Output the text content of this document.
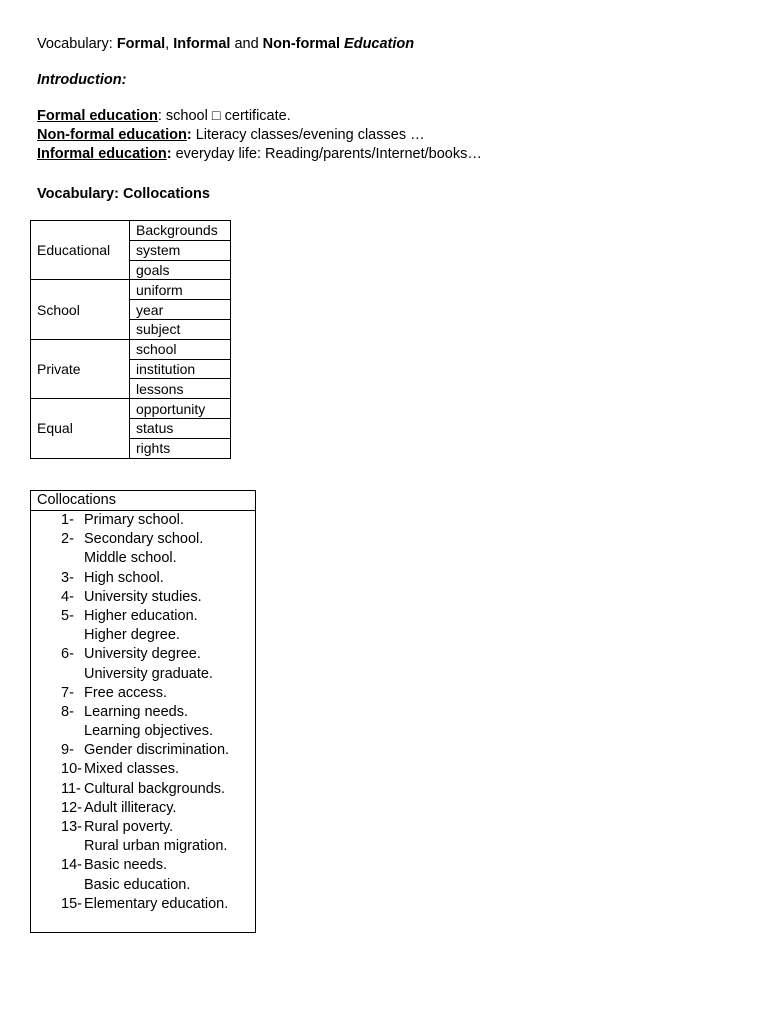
Vocabulary: Formal, Informal and Non-formal Education
Introduction:
Formal education: school □ certificate.
Non-formal education: Literacy classes/evening classes …
Informal education: everyday life: Reading/parents/Internet/books…
Vocabulary: Collocations
Educational	Backgrounds
	system
	goals
School	uniform
	year
	subject
Private	school
	institution
	lessons
Equal	opportunity
	status
	rights
Collocations
1- Primary school.
2- Secondary school.
Middle school.
3- High school.
4- University studies.
5- Higher education.
Higher degree.
6- University degree.
University graduate.
7- Free access.
8- Learning needs.
Learning objectives.
9- Gender discrimination.
10- Mixed classes.
11- Cultural backgrounds.
12- Adult illiteracy.
13- Rural poverty.
Rural urban migration.
14- Basic needs.
Basic education.
15- Elementary education.
